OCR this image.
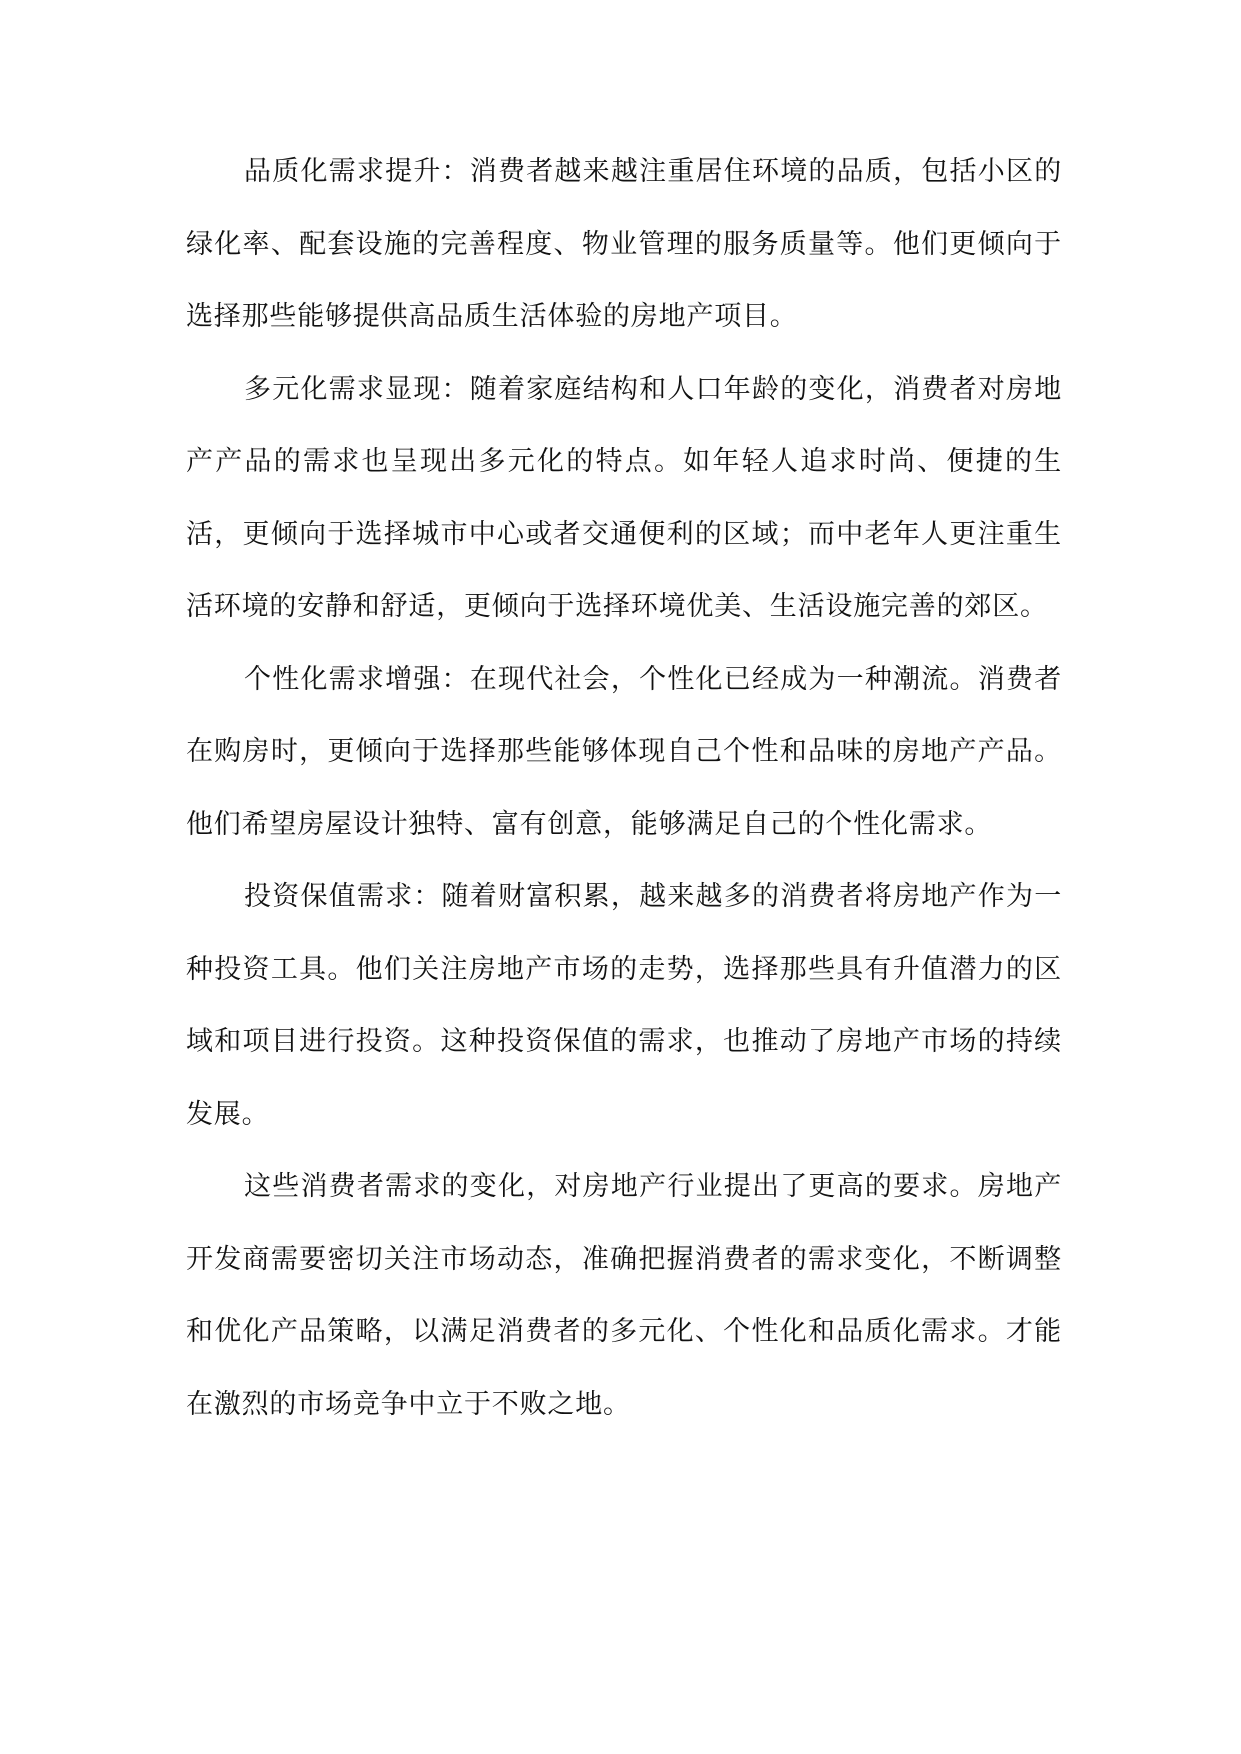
品质化需求提升：消费者越来越注重居住环境的品质，包括小区的绿化率、配套设施的完善程度、物业管理的服务质量等。他们更倾向于选择那些能够提供高品质生活体验的房地产项目。

多元化需求显现：随着家庭结构和人口年龄的变化，消费者对房地产产品的需求也呈现出多元化的特点。如年轻人追求时尚、便捷的生活，更倾向于选择城市中心或者交通便利的区域；而中老年人更注重生活环境的安静和舒适，更倾向于选择环境优美、生活设施完善的郊区。

个性化需求增强：在现代社会，个性化已经成为一种潮流。消费者在购房时，更倾向于选择那些能够体现自己个性和品味的房地产产品。他们希望房屋设计独特、富有创意，能够满足自己的个性化需求。

投资保值需求：随着财富积累，越来越多的消费者将房地产作为一种投资工具。他们关注房地产市场的走势，选择那些具有升值潜力的区域和项目进行投资。这种投资保值的需求，也推动了房地产市场的持续发展。

这些消费者需求的变化，对房地产行业提出了更高的要求。房地产开发商需要密切关注市场动态，准确把握消费者的需求变化，不断调整和优化产品策略，以满足消费者的多元化、个性化和品质化需求。才能在激烈的市场竞争中立于不败之地。
